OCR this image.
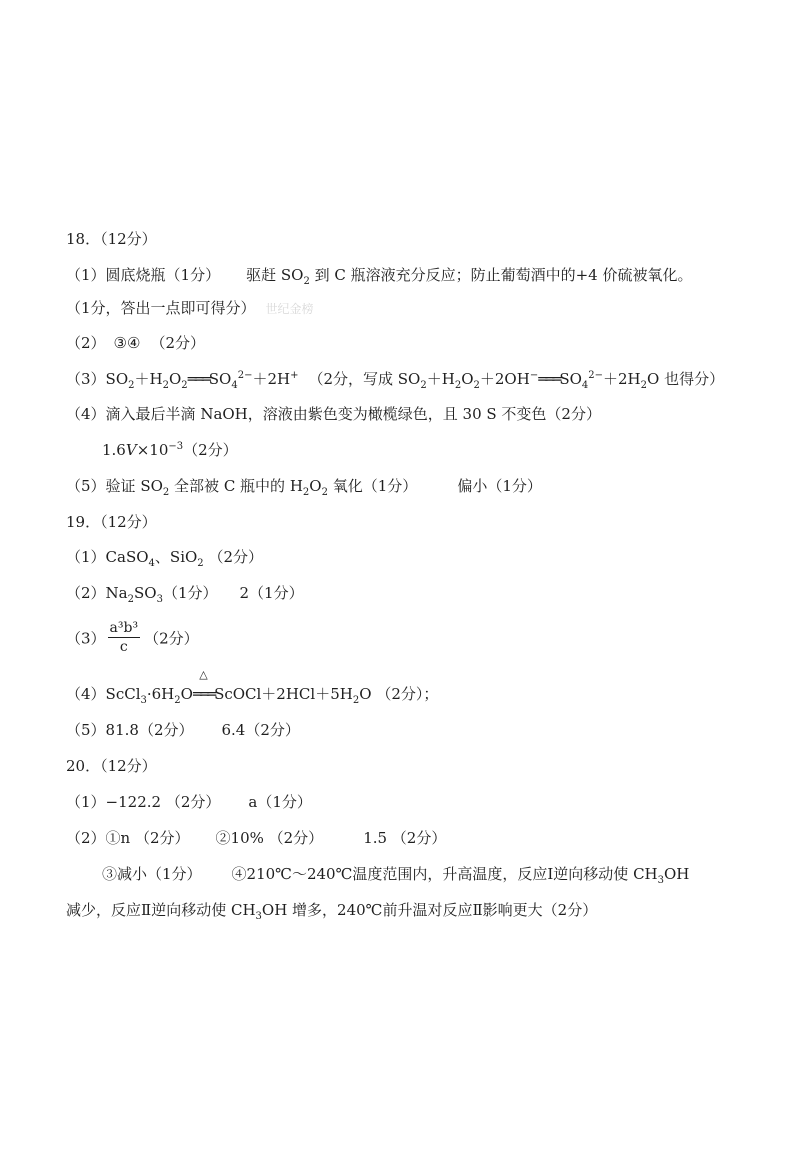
18．（12分）
（1）圆底烧瓶（1分） 驱赶 $SO_2$ 到 C 瓶溶液充分反应；防止葡萄酒中的+4 价硫被氧化。
（1分，答出一点即可得分） 世纪金榜
（2） ③④ （2分）
$(3)SO_2+H_2O_2═══SO_4^{2-}+2H^+$ （2分，写成 $SO_2+H_2O_2+2OH^-═══SO_4^{2-}+2H_2O$ 也得分）
（4）滴入最后半滴 NaOH，溶液由紫色变为橄榄绿色，且 30 S 不变色（2分）
$1.6V\times 10^{-3}(2$分）
（5）验证 $SO_2$ 全部被 C 瓶中的 $H_2O_2$ 氧化（1分）	偏小（1分）
19．（12分）
（1）CaSO$_4$、SiO$_2$ （2分）
$(2)Na_2SO_3(1$分） 2（1分）
$(3) \frac{\text{a³b³}}{c} (2$分）
$(4)ScCl_3\cdot 6H_2O$
△
$═══ScOCl+2HCl+5H_2O$ （2分）；
（5）81.8（2分） 6.4（2分）
20．（12分）
（1）−122.2 （2分） a（1分）
（2）①n （2分） ②10% （2分）	1.5 （2分）
③减小（1分） ④210℃～240℃温度范围内，升高温度，反应Ⅰ逆向移动使 $CH_3OH$
减少，反应Ⅱ逆向移动使 $CH_3OH$ 增多，240℃前升温对反应Ⅱ影响更大（2分）
